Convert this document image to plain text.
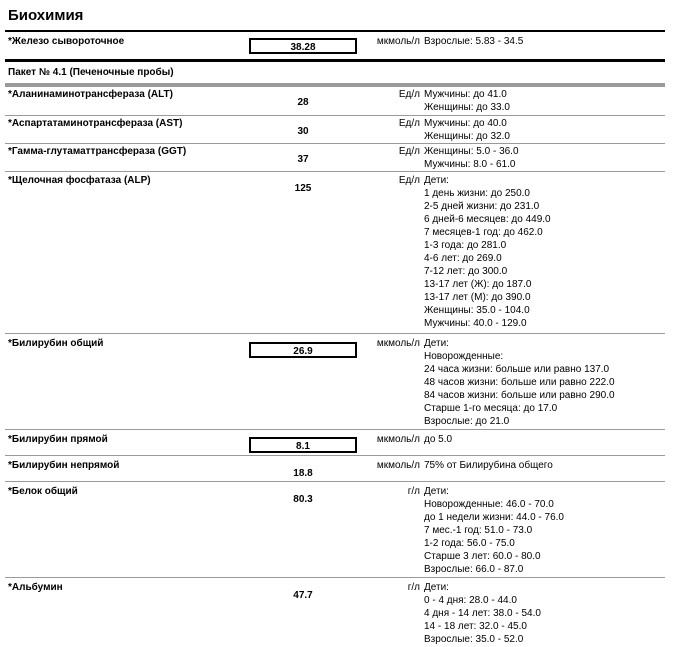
Биохимия
*Железо сывороточное
38.28
мкмоль/л Взрослые: 5.83 - 34.5
Пакет № 4.1 (Печеночные пробы)
*Аланинаминотрансфераза (ALT)
28
Ед/л Мужчины: до 41.0
Женщины: до 33.0
*Аспартатаминотрансфераза (AST)
30
Ед/л Мужчины: до 40.0
Женщины: до 32.0
*Гамма-глутаматтрансфераза (GGT)
37
Ед/л Женщины: 5.0 - 36.0
Мужчины: 8.0 - 61.0
*Щелочная фосфатаза (ALP)
125
Ед/л Дети:
1 день жизни: до 250.0
2-5 дней жизни: до 231.0
6 дней-6 месяцев: до 449.0
7 месяцев-1 год: до 462.0
1-3 года: до 281.0
4-6 лет: до 269.0
7-12 лет: до 300.0
13-17 лет (Ж): до 187.0
13-17 лет (М): до 390.0
Женщины: 35.0 - 104.0
Мужчины: 40.0 - 129.0
*Билирубин общий
26.9
мкмоль/л Дети:
Новорожденные:
24 часа жизни: больше или равно 137.0
48 часов жизни: больше или равно 222.0
84 часов жизни: больше или равно 290.0
Старше 1-го месяца: до 17.0
Взрослые: до 21.0
*Билирубин прямой
8.1
мкмоль/л до 5.0
*Билирубин непрямой
18.8
мкмоль/л 75% от Билирубина общего
*Белок общий
80.3
г/л Дети:
Новорожденные: 46.0 - 70.0
до 1 недели жизни: 44.0 - 76.0
7 мес.-1 год: 51.0 - 73.0
1-2 года: 56.0 - 75.0
Старше 3 лет: 60.0 - 80.0
Взрослые: 66.0 - 87.0
*Альбумин
47.7
г/л Дети:
0 - 4 дня: 28.0 - 44.0
4 дня - 14 лет: 38.0 - 54.0
14 - 18 лет: 32.0 - 45.0
Взрослые: 35.0 - 52.0
